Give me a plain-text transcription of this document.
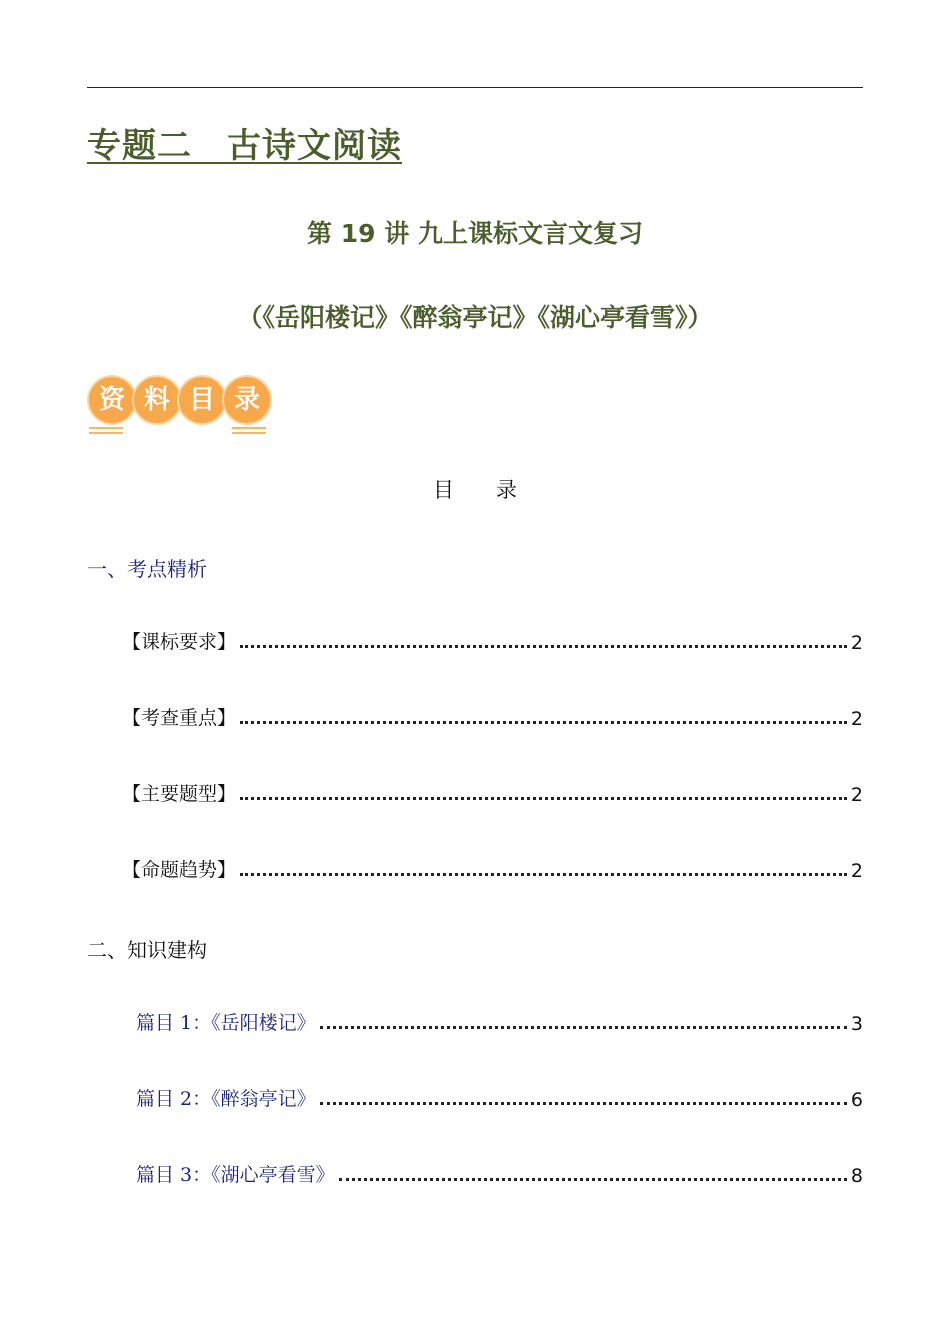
专题二　古诗文阅读
第 19 讲 九上课标文言文复习
（《岳阳楼记》《醉翁亭记》《湖心亭看雪》）
资 料 目 录
目　　录
一、考点精析
【课标要求】	2
【考查重点】	2
【主要题型】	2
【命题趋势】	2
二、知识建构
篇目 1：《岳阳楼记》	3
篇目 2：《醉翁亭记》	6
篇目 3：《湖心亭看雪》	8
